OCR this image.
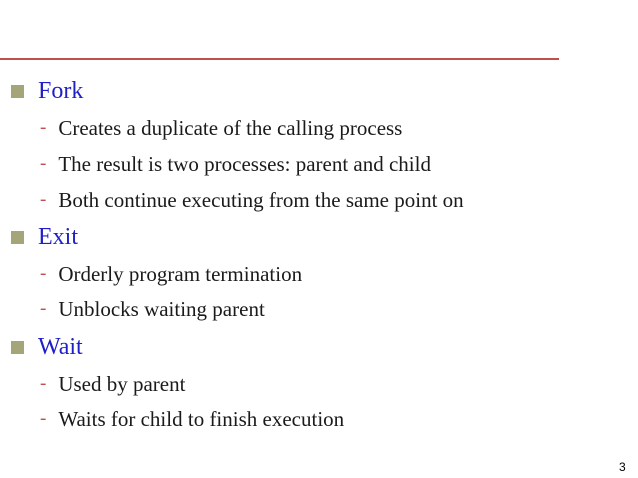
Fork
- Creates a duplicate of the calling process
- The result is two processes: parent and child
- Both continue executing from the same point on
Exit
- Orderly program termination
- Unblocks waiting parent
Wait
- Used by parent
- Waits for child to finish execution
3
